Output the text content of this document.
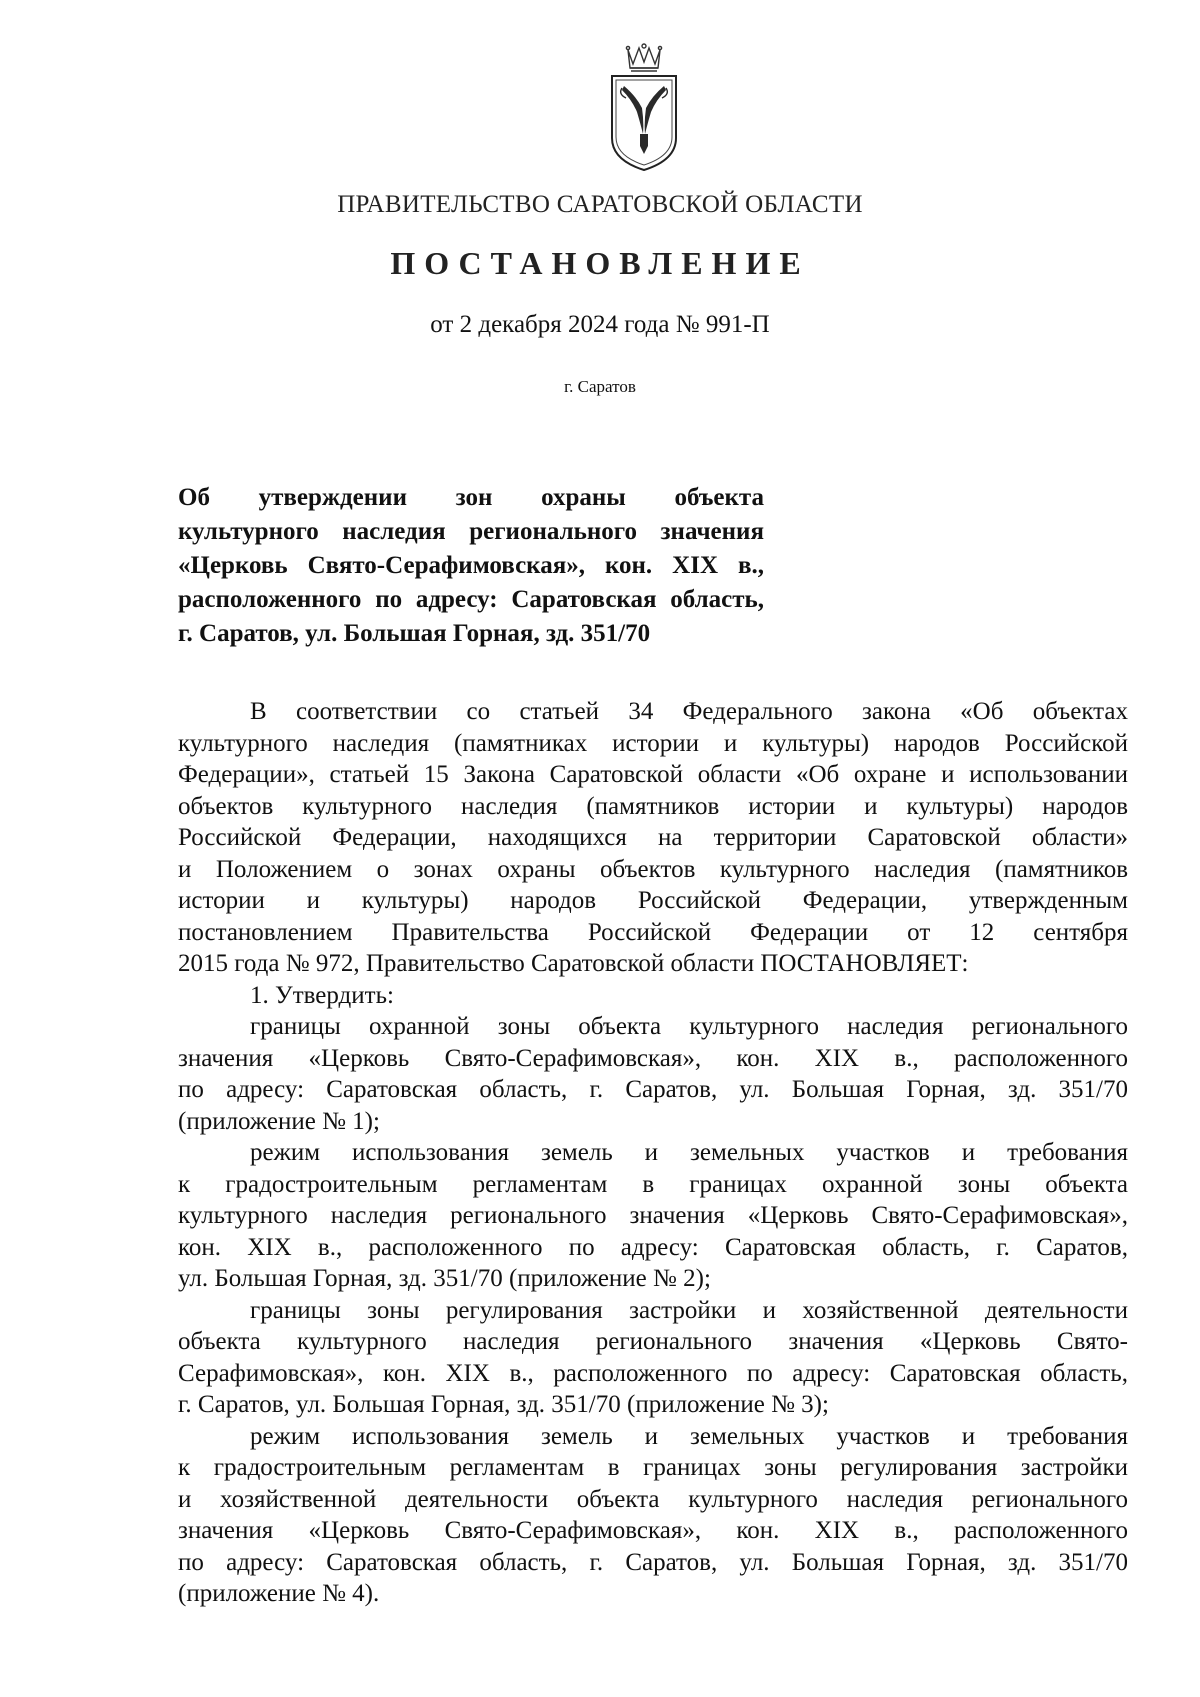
ПРАВИТЕЛЬСТВО САРАТОВСКОЙ ОБЛАСТИ
ПОСТАНОВЛЕНИЕ
от 2 декабря 2024 года № 991-П
г. Саратов
Об утверждении зон охраны объекта
культурного наследия регионального значения
«Церковь Свято-Серафимовская», кон. XIX в.,
расположенного по адресу: Саратовская область,
г. Саратов, ул. Большая Горная, зд. 351/70
В соответствии со статьей 34 Федерального закона «Об объектах
культурного наследия (памятниках истории и культуры) народов Российской
Федерации», статьей 15 Закона Саратовской области «Об охране и использовании
объектов культурного наследия (памятников истории и культуры) народов
Российской Федерации, находящихся на территории Саратовской области»
и Положением о зонах охраны объектов культурного наследия (памятников
истории и культуры) народов Российской Федерации, утвержденным
постановлением Правительства Российской Федерации от 12 сентября
2015 года № 972, Правительство Саратовской области ПОСТАНОВЛЯЕТ:
1. Утвердить:
границы охранной зоны объекта культурного наследия регионального
значения «Церковь Свято-Серафимовская», кон. XIX в., расположенного
по адресу: Саратовская область, г. Саратов, ул. Большая Горная, зд. 351/70
(приложение № 1);
режим использования земель и земельных участков и требования
к градостроительным регламентам в границах охранной зоны объекта
культурного наследия регионального значения «Церковь Свято-Серафимовская»,
кон. XIX в., расположенного по адресу: Саратовская область, г. Саратов,
ул. Большая Горная, зд. 351/70 (приложение № 2);
границы зоны регулирования застройки и хозяйственной деятельности
объекта культурного наследия регионального значения «Церковь Свято-
Серафимовская», кон. XIX в., расположенного по адресу: Саратовская область,
г. Саратов, ул. Большая Горная, зд. 351/70 (приложение № 3);
режим использования земель и земельных участков и требования
к градостроительным регламентам в границах зоны регулирования застройки
и хозяйственной деятельности объекта культурного наследия регионального
значения «Церковь Свято-Серафимовская», кон. XIX в., расположенного
по адресу: Саратовская область, г. Саратов, ул. Большая Горная, зд. 351/70
(приложение № 4).
